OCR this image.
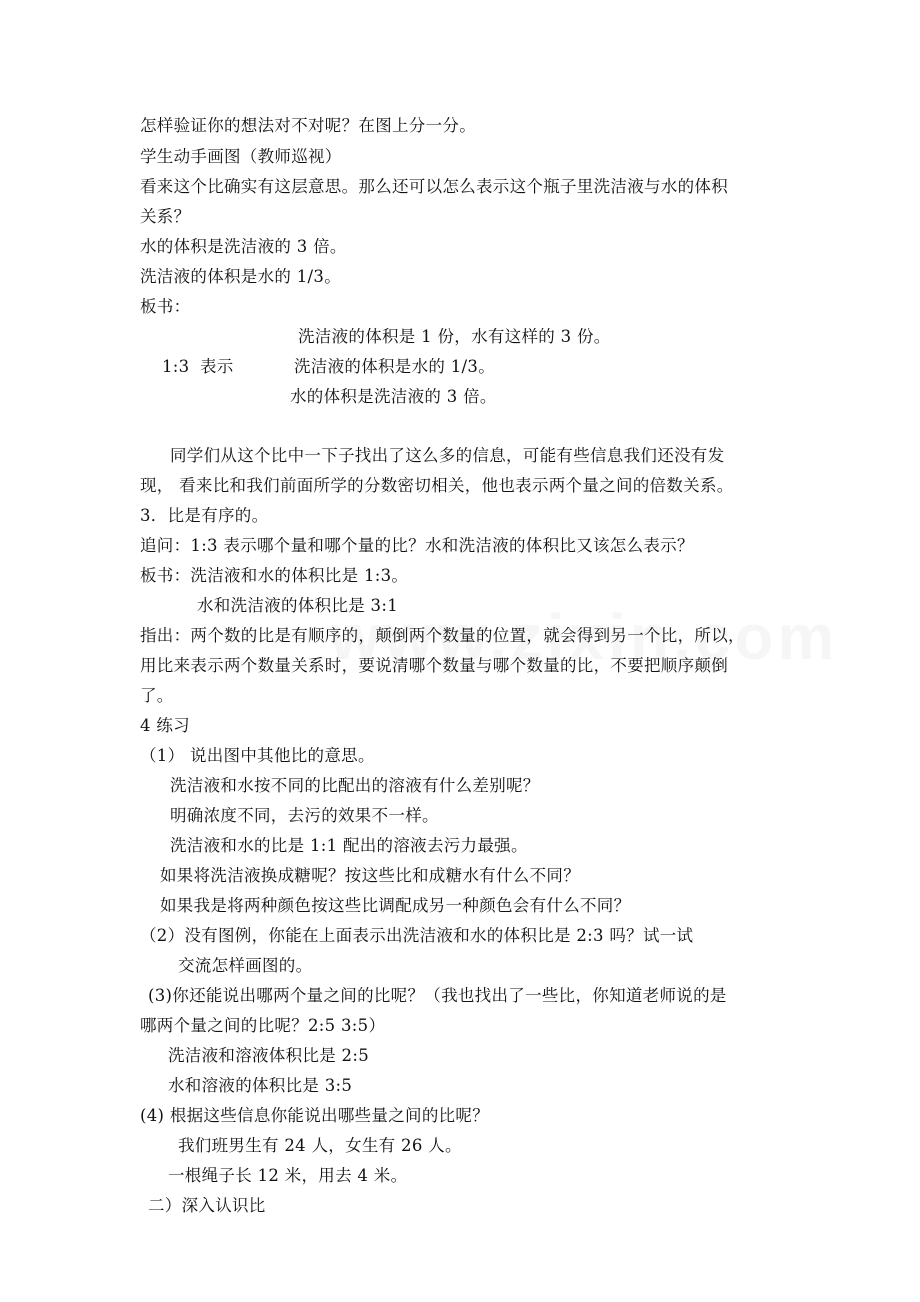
怎样验证你的想法对不对呢？在图上分一分。
学生动手画图（教师巡视）
看来这个比确实有这层意思。那么还可以怎么表示这个瓶子里洗洁液与水的体积
关系？
水的体积是洗洁液的 3 倍。
洗洁液的体积是水的 1/3。
板书：
洗洁液的体积是 1 份，水有这样的 3 份。
1:3 表示	洗洁液的体积是水的 1/3。
水的体积是洗洁液的 3 倍。
同学们从这个比中一下子找出了这么多的信息，可能有些信息我们还没有发
现， 看来比和我们前面所学的分数密切相关，他也表示两个量之间的倍数关系。
3．比是有序的。
追问：1:3 表示哪个量和哪个量的比？水和洗洁液的体积比又该怎么表示？
板书：洗洁液和水的体积比是 1:3。
水和洗洁液的体积比是 3:1
指出：两个数的比是有顺序的，颠倒两个数量的位置，就会得到另一个比，所以，
用比来表示两个数量关系时，要说清哪个数量与哪个数量的比，不要把顺序颠倒
了。
4 练习
（1） 说出图中其他比的意思。
洗洁液和水按不同的比配出的溶液有什么差别呢？
明确浓度不同，去污的效果不一样。
洗洁液和水的比是 1:1 配出的溶液去污力最强。
如果将洗洁液换成糖呢？按这些比和成糖水有什么不同？
如果我是将两种颜色按这些比调配成另一种颜色会有什么不同？
（2）没有图例，你能在上面表示出洗洁液和水的体积比是 2:3 吗？试一试
交流怎样画图的。
(3)你还能说出哪两个量之间的比呢？（我也找出了一些比，你知道老师说的是
哪两个量之间的比呢？2:5 3:5）
洗洁液和溶液体积比是 2:5
水和溶液的体积比是 3:5
(4) 根据这些信息你能说出哪些量之间的比呢？
我们班男生有 24 人，女生有 26 人。
一根绳子长 12 米，用去 4 米。
二）深入认识比
